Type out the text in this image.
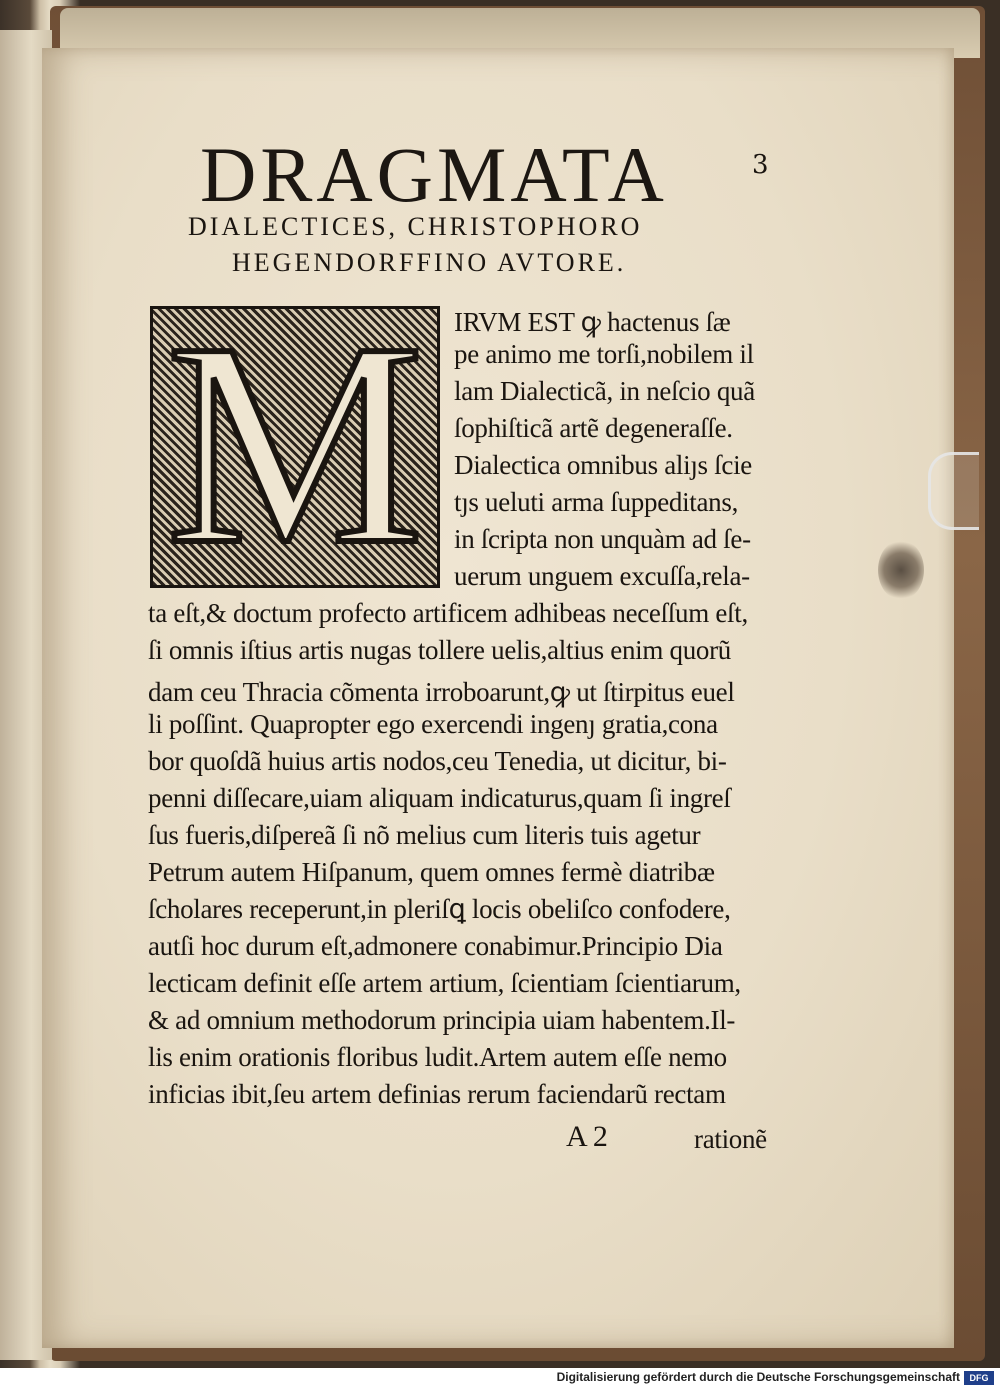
3
DRAGMATA
DIALECTICES, CHRISTOPHORO
HEGENDORFFINO AVTORE.
M	IRVM EST ꝙ hactenus ſæ
pe animo me torſi,nobilem il
lam Dialecticã, in neſcio quã
ſophiſticã artẽ degeneraſſe.
Dialectica omnibus aliȷs ſcie
tȷs ueluti arma ſuppeditans,
in ſcripta non unquàm ad ſe-
uerum unguem excuſſa,rela-
ta eſt,& doctum profecto artificem adhibeas neceſſum eſt,
ſi omnis iſtius artis nugas tollere uelis,altius enim quorũ
dam ceu Thracia cõmenta irroboarunt,ꝙ ut ſtirpitus euel
li poſſint. Quapropter ego exercendi ingenȷ gratia,cona
bor quoſdã huius artis nodos,ceu Tenedia, ut dicitur, bi-
penni diſſecare,uiam aliquam indicaturus,quam ſi ingreſ
ſus fueris,diſpereã ſi nõ melius cum literis tuis agetur
Petrum autem Hiſpanum, quem omnes fermè diatribæ
ſcholares receperunt,in pleriſꝗ locis obeliſco confodere,
autſi hoc durum eſt,admonere conabimur.Principio Dia
lecticam definit eſſe artem artium, ſcientiam ſcientiarum,
& ad omnium methodorum principia uiam habentem.Il-
lis enim orationis floribus ludit.Artem autem eſſe nemo
inficias ibit,ſeu artem definias rerum faciendarũ rectam
A 2	rationẽ
Digitalisierung gefördert durch die Deutsche Forschungsgemeinschaft	DFG
